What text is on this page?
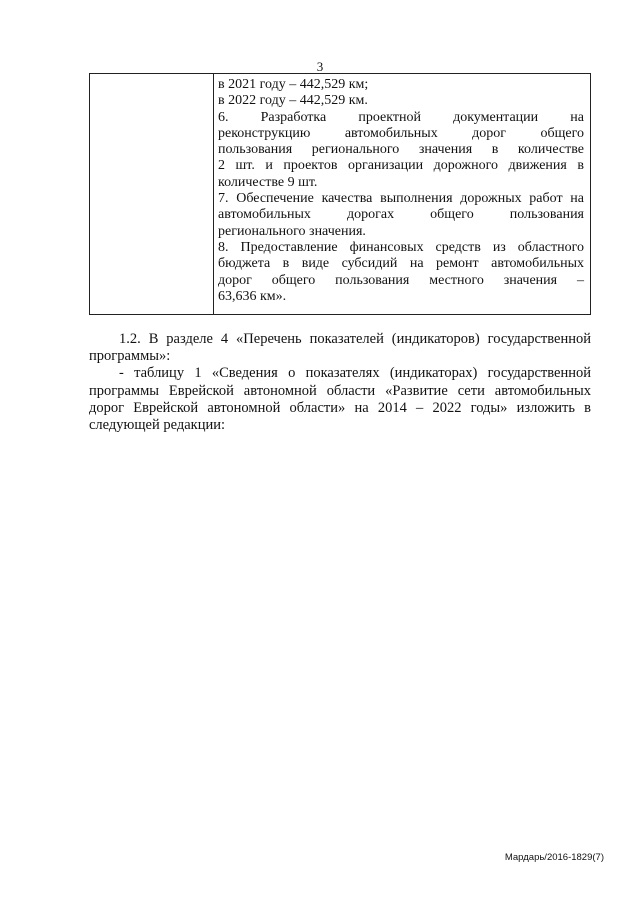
3
в 2021 году – 442,529 км;
в 2022 году – 442,529 км.
6. Разработка проектной документации на
реконструкцию автомобильных дорог общего
пользования регионального значения в количестве
2 шт. и проектов организации дорожного движения в
количестве 9 шт.
7. Обеспечение качества выполнения дорожных работ на
автомобильных дорогах общего пользования
регионального значения.
8. Предоставление финансовых средств из областного
бюджета в виде субсидий на ремонт автомобильных
дорог общего пользования местного значения –
63,636 км».
1.2. В разделе 4 «Перечень показателей (индикаторов) государственной
программы»:
- таблицу 1 «Сведения о показателях (индикаторах) государственной
программы Еврейской автономной области «Развитие сети автомобильных
дорог Еврейской автономной области» на 2014 – 2022 годы» изложить в
следующей редакции:
Мардарь/2016-1829(7)
